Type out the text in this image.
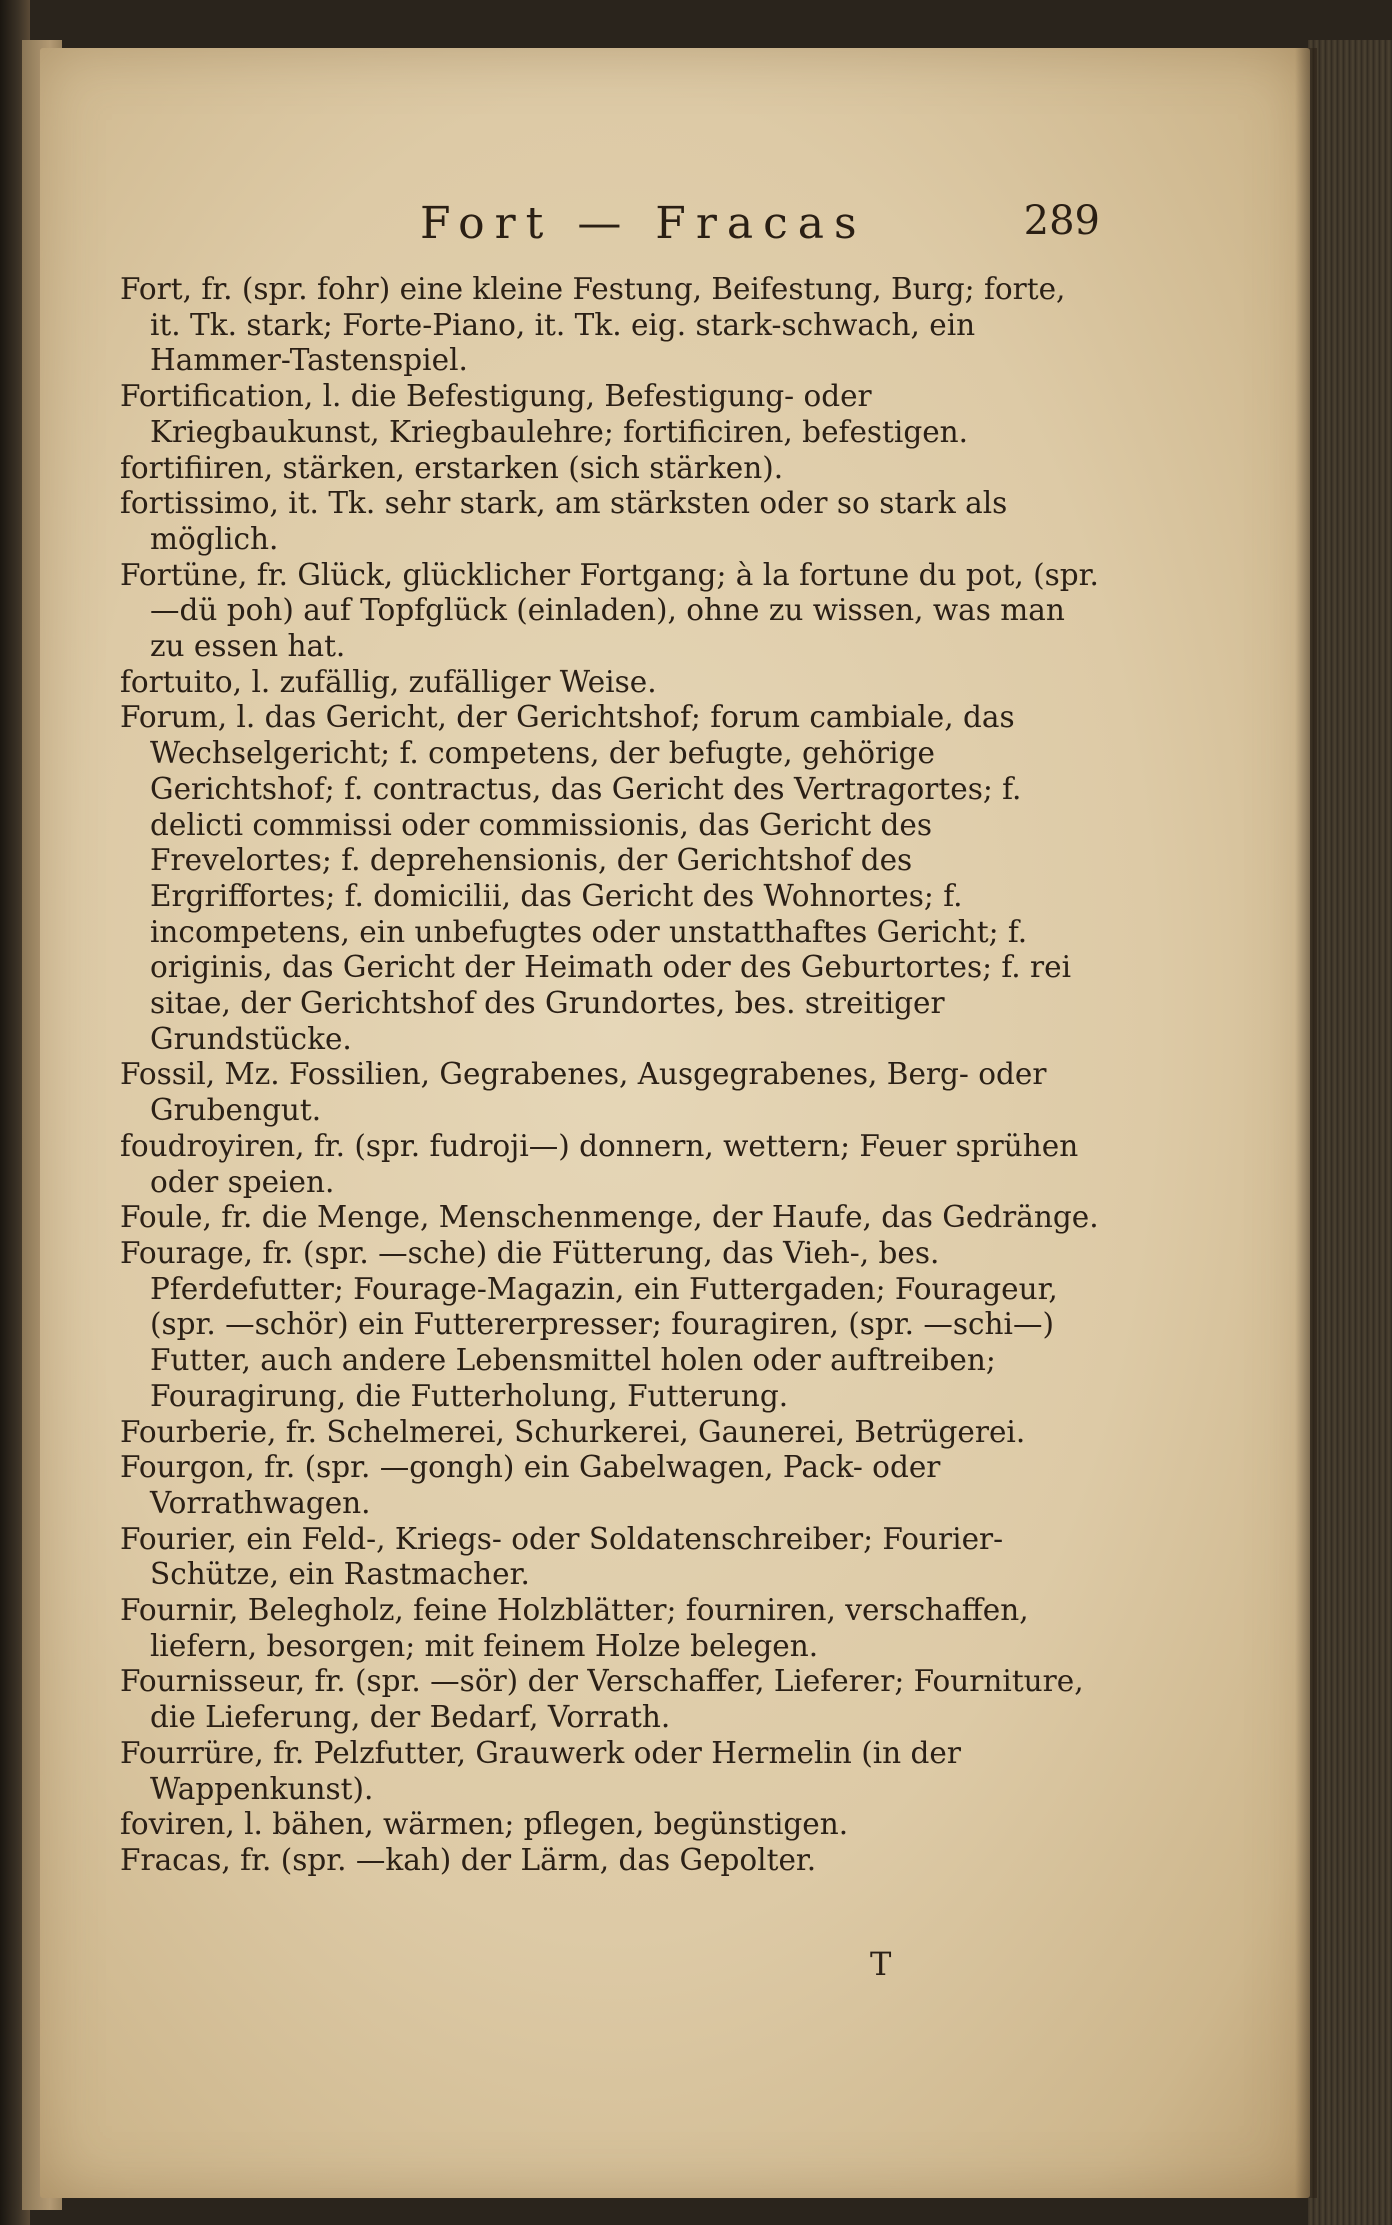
Fort — Fracas	289

Fort, fr. (spr. fohr) eine kleine Festung, Beifestung, Burg; forte, it. Tk. stark; Forte-Piano, it. Tk. eig. stark-schwach, ein Hammer-Tastenspiel.

Fortification, l. die Befestigung, Befestigung- oder Kriegbaukunst, Kriegbaulehre; fortificiren, befestigen.

fortifiiren, stärken, erstarken (sich stärken).

fortissimo, it. Tk. sehr stark, am stärksten oder so stark als möglich.

Fortüne, fr. Glück, glücklicher Fortgang; à la fortune du pot, (spr. —dü poh) auf Topfglück (einladen), ohne zu wissen, was man zu essen hat.

fortuito, l. zufällig, zufälliger Weise.

Forum, l. das Gericht, der Gerichtshof; forum cambiale, das Wechselgericht; f. competens, der befugte, gehörige Gerichtshof; f. contractus, das Gericht des Vertragortes; f. delicti commissi oder commissionis, das Gericht des Frevelortes; f. deprehensionis, der Gerichtshof des Ergriffortes; f. domicilii, das Gericht des Wohnortes; f. incompetens, ein unbefugtes oder unstatthaftes Gericht; f. originis, das Gericht der Heimath oder des Geburtortes; f. rei sitae, der Gerichtshof des Grundortes, bes. streitiger Grundstücke.

Fossil, Mz. Fossilien, Gegrabenes, Ausgegrabenes, Berg- oder Grubengut.

foudroyiren, fr. (spr. fudroji—) donnern, wettern; Feuer sprühen oder speien.

Foule, fr. die Menge, Menschenmenge, der Haufe, das Gedränge.

Fourage, fr. (spr. —sche) die Fütterung, das Vieh-, bes. Pferdefutter; Fourage-Magazin, ein Futtergaden; Fourageur, (spr. —schör) ein Futtererpresser; fouragiren, (spr. —schi—) Futter, auch andere Lebensmittel holen oder auftreiben; Fouragirung, die Futterholung, Futterung.

Fourberie, fr. Schelmerei, Schurkerei, Gaunerei, Betrügerei.

Fourgon, fr. (spr. —gongh) ein Gabelwagen, Pack- oder Vorrathwagen.

Fourier, ein Feld-, Kriegs- oder Soldatenschreiber; Fourier-Schütze, ein Rastmacher.

Fournir, Belegholz, feine Holzblätter; fourniren, verschaffen, liefern, besorgen; mit feinem Holze belegen.

Fournisseur, fr. (spr. —sör) der Verschaffer, Lieferer; Fourniture, die Lieferung, der Bedarf, Vorrath.

Fourrüre, fr. Pelzfutter, Grauwerk oder Hermelin (in der Wappenkunst).

foviren, l. bähen, wärmen; pflegen, begünstigen.

Fracas, fr. (spr. —kah) der Lärm, das Gepolter.

T
